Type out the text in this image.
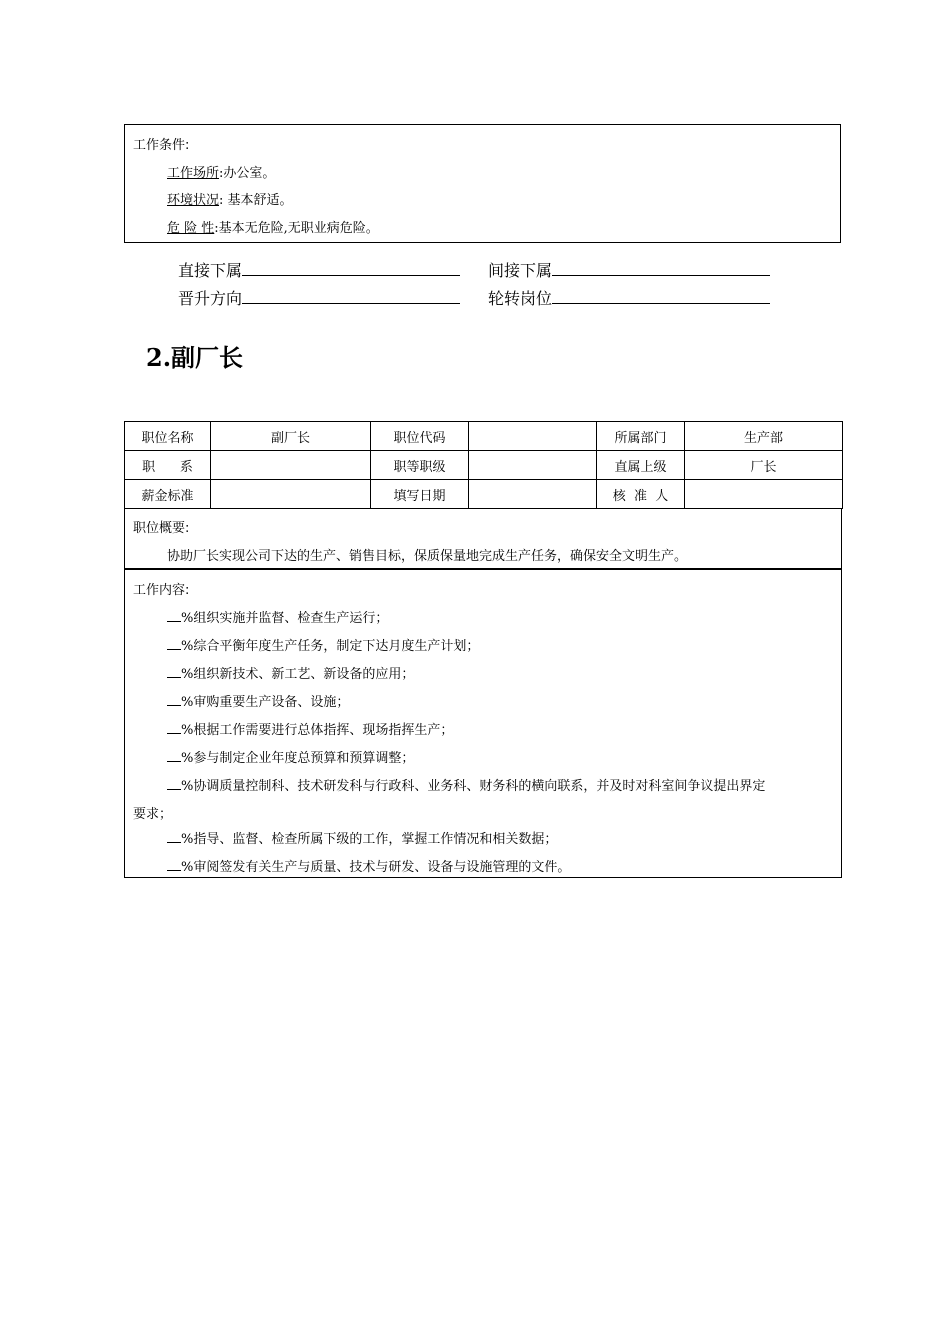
工作条件:
工作场所:办公室。
环境状况: 基本舒适。
危 险 性:基本无危险,无职业病危险。
直接下属	间接下属
晋升方向	轮转岗位
2.副厂长
职位名称	副厂长	职位代码		所属部门	生产部
职      系		职等职级		直属上级	厂长
薪金标准		填写日期		核  准  人	
职位概要:
协助厂长实现公司下达的生产、销售目标，保质保量地完成生产任务，确保安全文明生产。
工作内容:
%组织实施并监督、检查生产运行；
%综合平衡年度生产任务，制定下达月度生产计划；
%组织新技术、新工艺、新设备的应用；
%审购重要生产设备、设施；
%根据工作需要进行总体指挥、现场指挥生产；
%参与制定企业年度总预算和预算调整；
%协调质量控制科、技术研发科与行政科、业务科、财务科的横向联系，并及时对科室间争议提出界定
要求；
%指导、监督、检查所属下级的工作，掌握工作情况和相关数据；
%审阅签发有关生产与质量、技术与研发、设备与设施管理的文件。
